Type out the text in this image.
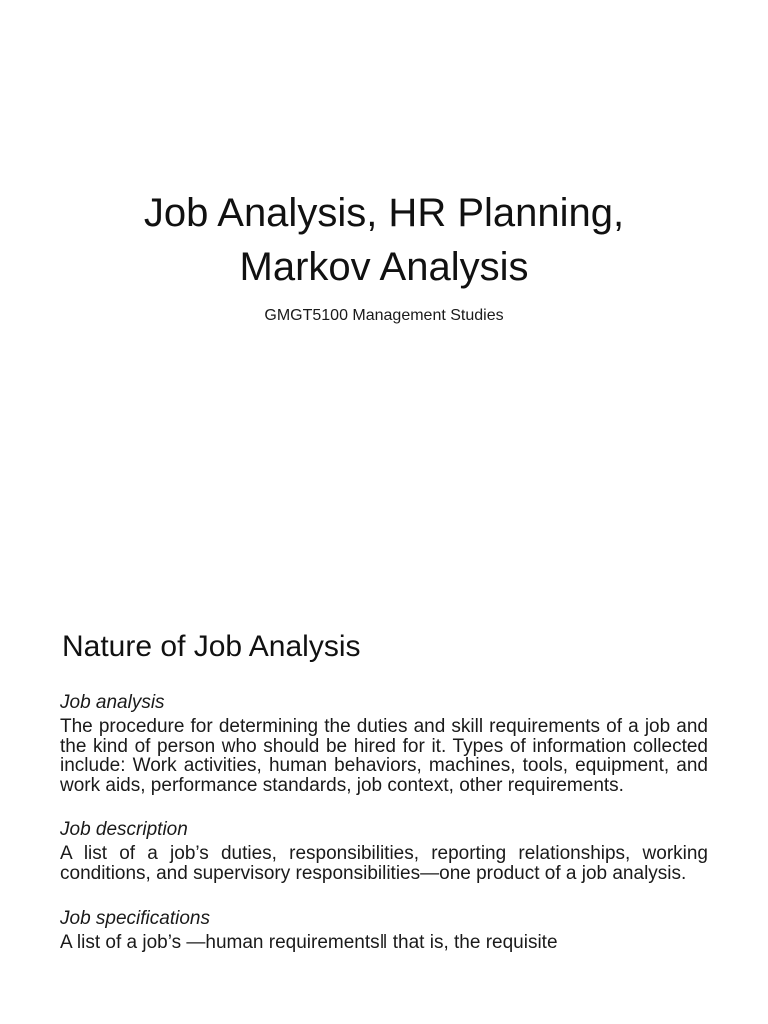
Job Analysis, HR Planning,
Markov Analysis

GMGT5100 Management Studies

Nature of Job Analysis

Job analysis

The procedure for determining the duties and skill requirements of a job and the kind of person who should be hired for it. Types of information collected include: Work activities, human behaviors, machines, tools, equipment, and work aids, performance standards, job context, other requirements.

Job description

A list of a job’s duties, responsibilities, reporting relationships, working conditions, and supervisory responsibilities—one product of a job analysis.

Job specifications

A list of a job’s —human requirements‖ that is, the requisite
